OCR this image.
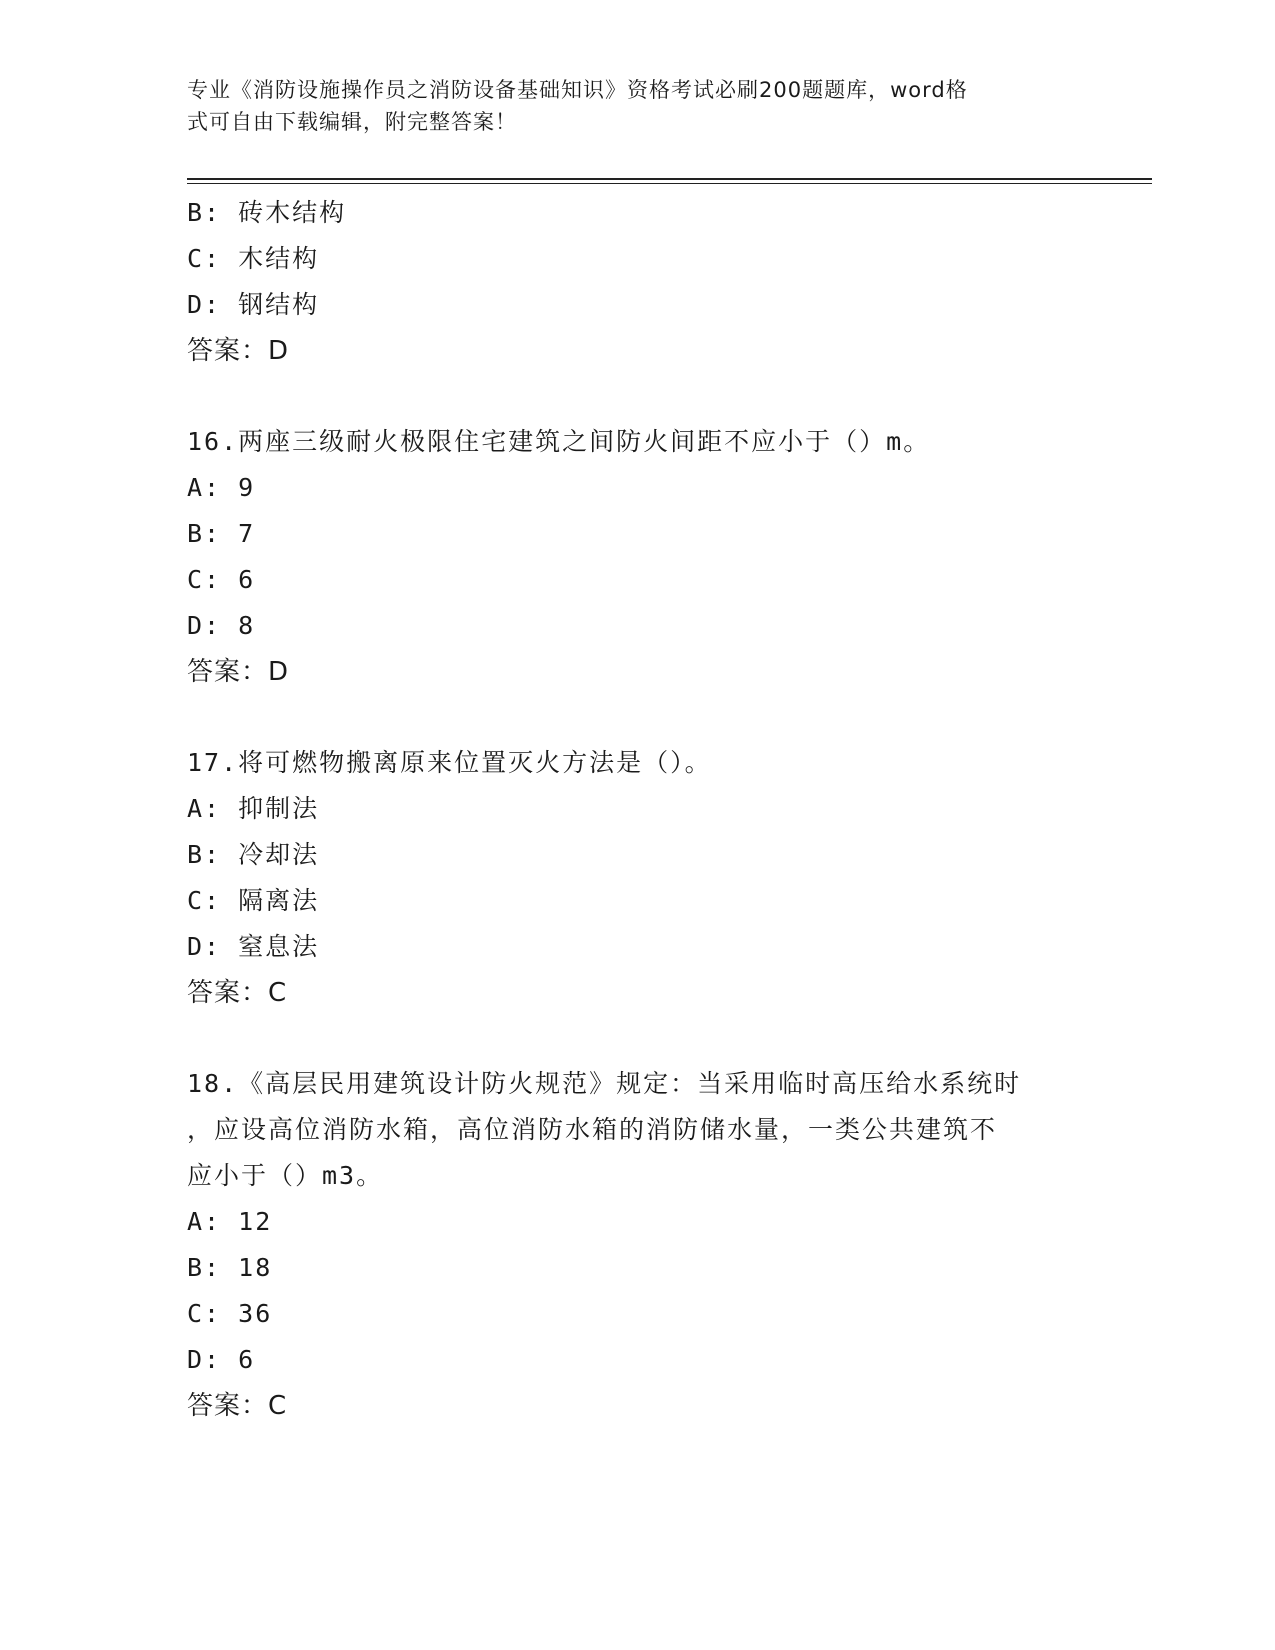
专业《消防设施操作员之消防设备基础知识》资格考试必刷200题题库，word格
式可自由下载编辑，附完整答案！
B: 砖木结构
C: 木结构
D: 钢结构
答案：D
16.两座三级耐火极限住宅建筑之间防火间距不应小于（）m。
A: 9
B: 7
C: 6
D: 8
答案：D
17.将可燃物搬离原来位置灭火方法是（）。
A: 抑制法
B: 冷却法
C: 隔离法
D: 窒息法
答案：C
18.《高层民用建筑设计防火规范》规定：当采用临时高压给水系统时
，应设高位消防水箱，高位消防水箱的消防储水量，一类公共建筑不
应小于（）m3。
A: 12
B: 18
C: 36
D: 6
答案：C
